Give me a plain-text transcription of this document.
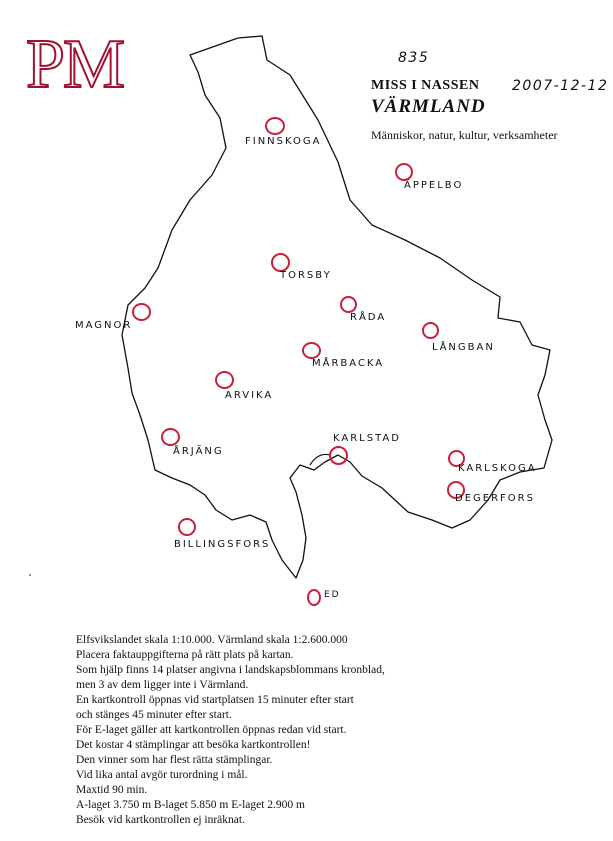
PM	835
2007-12-12
MISS I NASSEN
VÄRMLAND
Människor, natur, kultur, verksamheter
FINNSKOGA
ÄPPELBO
TORSBY
RÅDA
MAGNOR
LÅNGBAN
MÅRBACKA
ARVIKA
ÅRJÄNG
KARLSTAD
KARLSKOGA
DEGERFORS
BILLINGSFORS
ED
Elfsvikslandet skala 1:10.000. Värmland skala 1:2.600.000
Placera faktauppgifterna på rätt plats på kartan.
Som hjälp finns 14 platser angivna i landskapsblommans kronblad,
men 3 av dem ligger inte i Värmland.
En kartkontroll öppnas vid startplatsen 15 minuter efter start
och stänges 45 minuter efter start.
För E-laget gäller att kartkontrollen öppnas redan vid start.
Det kostar 4 stämplingar att besöka kartkontrollen!
Den vinner som har flest rätta stämplingar.
Vid lika antal avgör turordning i mål.
Maxtid 90 min.
A-laget 3.750 m B-laget 5.850 m E-laget 2.900 m
Besök vid kartkontrollen ej inräknat.
